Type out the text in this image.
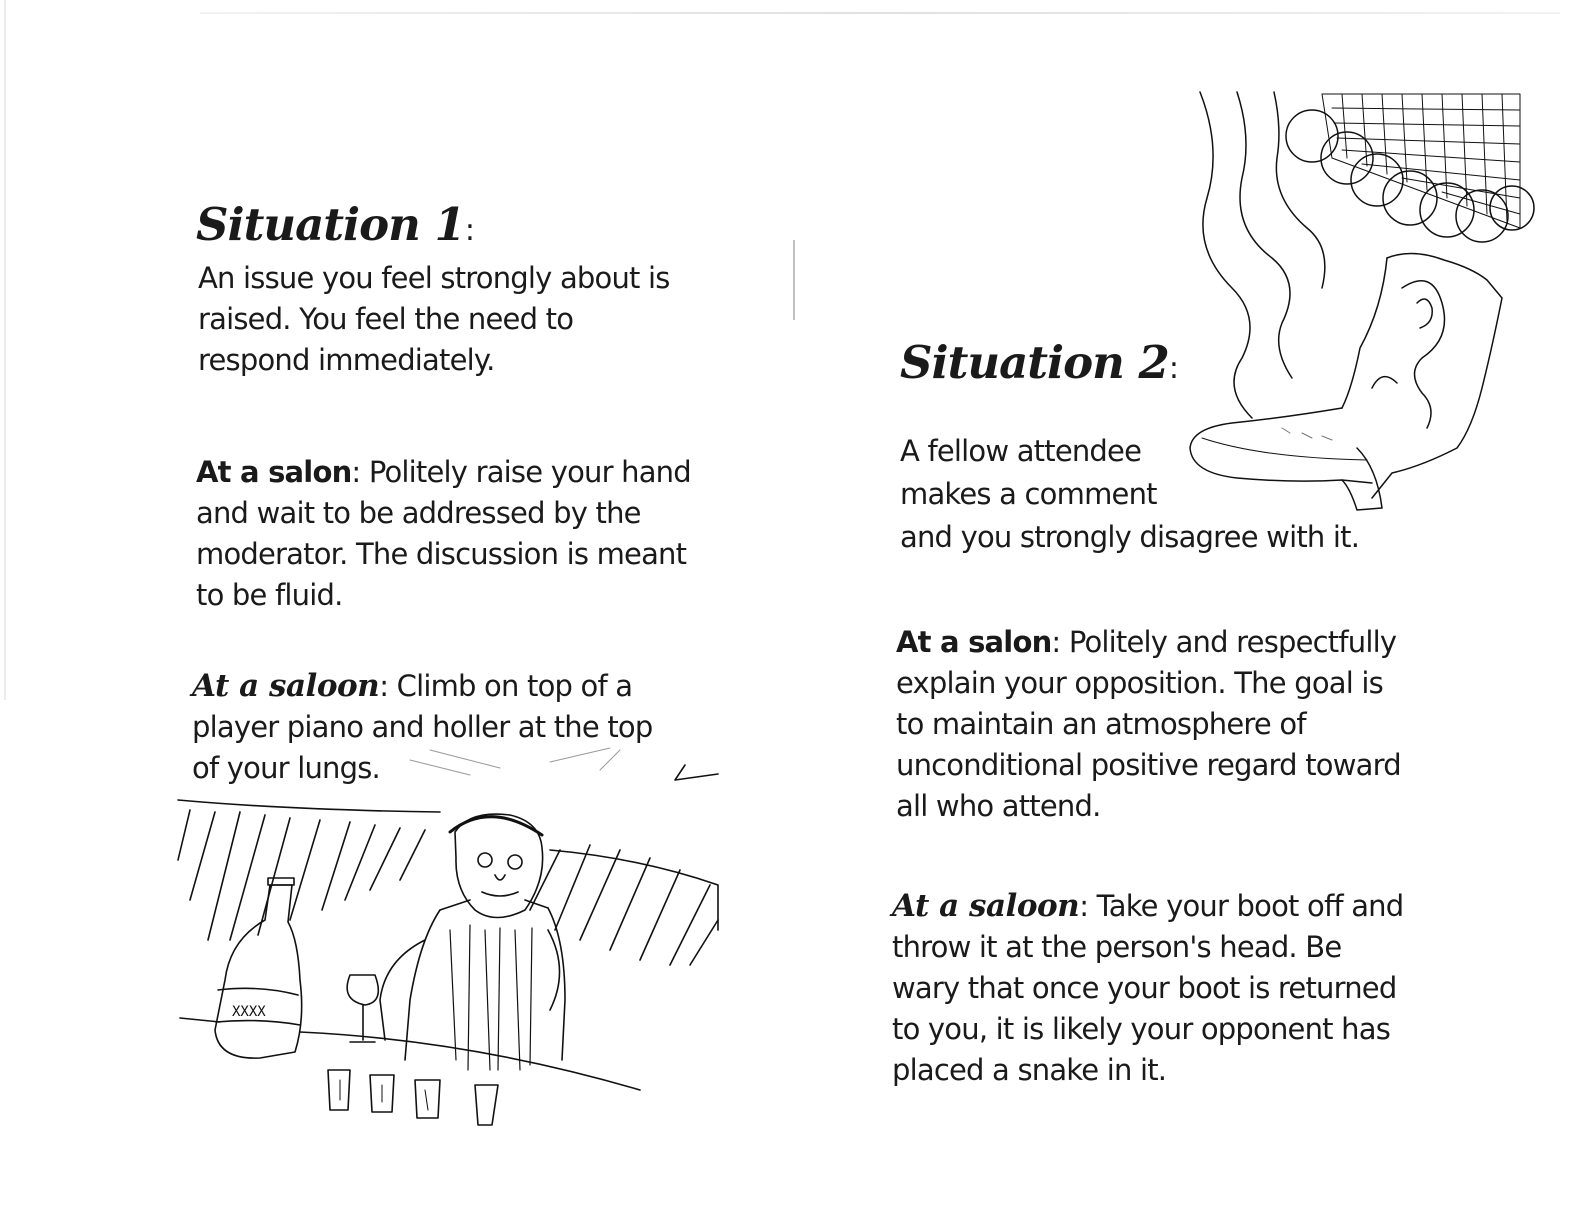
Situation 1:
An issue you feel strongly about is
raised. You feel the need to
respond immediately.
At a salon: Politely raise your hand
and wait to be addressed by the
moderator. The discussion is meant
to be fluid.
At a saloon: Climb on top of a
player piano and holler at the top
of your lungs.
XXXX
Situation 2:
A fellow attendee
makes a comment
and you strongly disagree with it.
At a salon: Politely and respectfully
explain your opposition. The goal is
to maintain an atmosphere of
unconditional positive regard toward
all who attend.
At a saloon: Take your boot off and
throw it at the person's head. Be
wary that once your boot is returned
to you, it is likely your opponent has
placed a snake in it.
